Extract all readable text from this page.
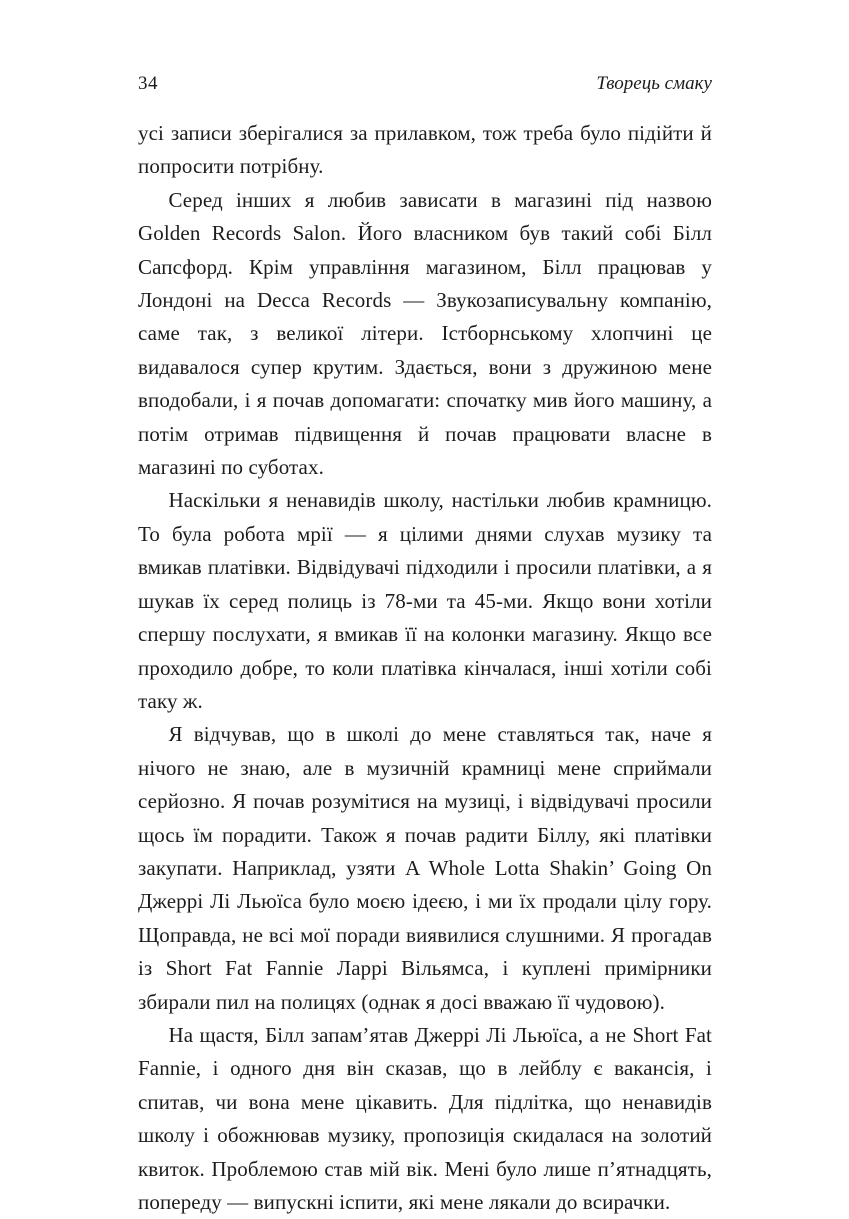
34	Творець смаку

усі записи зберігалися за прилавком, тож треба було підійти й попросити потрібну.

Серед інших я любив зависати в магазині під назвою Golden Records Salon. Його власником був такий собі Білл Сапсфорд. Крім управління магазином, Білл працював у Лондоні на Decca Records — Звукозаписувальну компанію, саме так, з великої літери. Істборнському хлопчині це видавалося супер крутим. Здається, вони з дружиною мене вподобали, і я почав допомагати: спочатку мив його машину, а потім отримав підвищення й почав працювати власне в магазині по суботах.

Наскільки я ненавидів школу, настільки любив крамницю. То була робота мрії — я цілими днями слухав музику та вмикав платівки. Відвідувачі підходили і просили платівки, а я шукав їх серед полиць із 78-ми та 45-ми. Якщо вони хотіли спершу послухати, я вмикав її на колонки магазину. Якщо все проходило добре, то коли платівка кінчалася, інші хотіли собі таку ж.

Я відчував, що в школі до мене ставляться так, наче я нічого не знаю, але в музичній крамниці мене сприймали серйозно. Я почав розумітися на музиці, і відвідувачі просили щось їм порадити. Також я почав радити Біллу, які платівки закупати. Наприклад, узяти A Whole Lotta Shakin’ Going On Джеррі Лі Льюїса було моєю ідеєю, і ми їх продали цілу гору. Щоправда, не всі мої поради виявилися слушними. Я прогадав із Short Fat Fannie Ларрі Вільямса, і куплені примірники збирали пил на полицях (однак я досі вважаю її чудовою).

На щастя, Білл запам’ятав Джеррі Лі Льюїса, а не Short Fat Fannie, і одного дня він сказав, що в лейблу є вакансія, і спитав, чи вона мене цікавить. Для підлітка, що ненавидів школу і обожнював музику, пропозиція скидалася на золотий квиток. Проблемою став мій вік. Мені було лише п’ятнадцять, попереду — випускні іспити, які мене лякали до всирачки.
